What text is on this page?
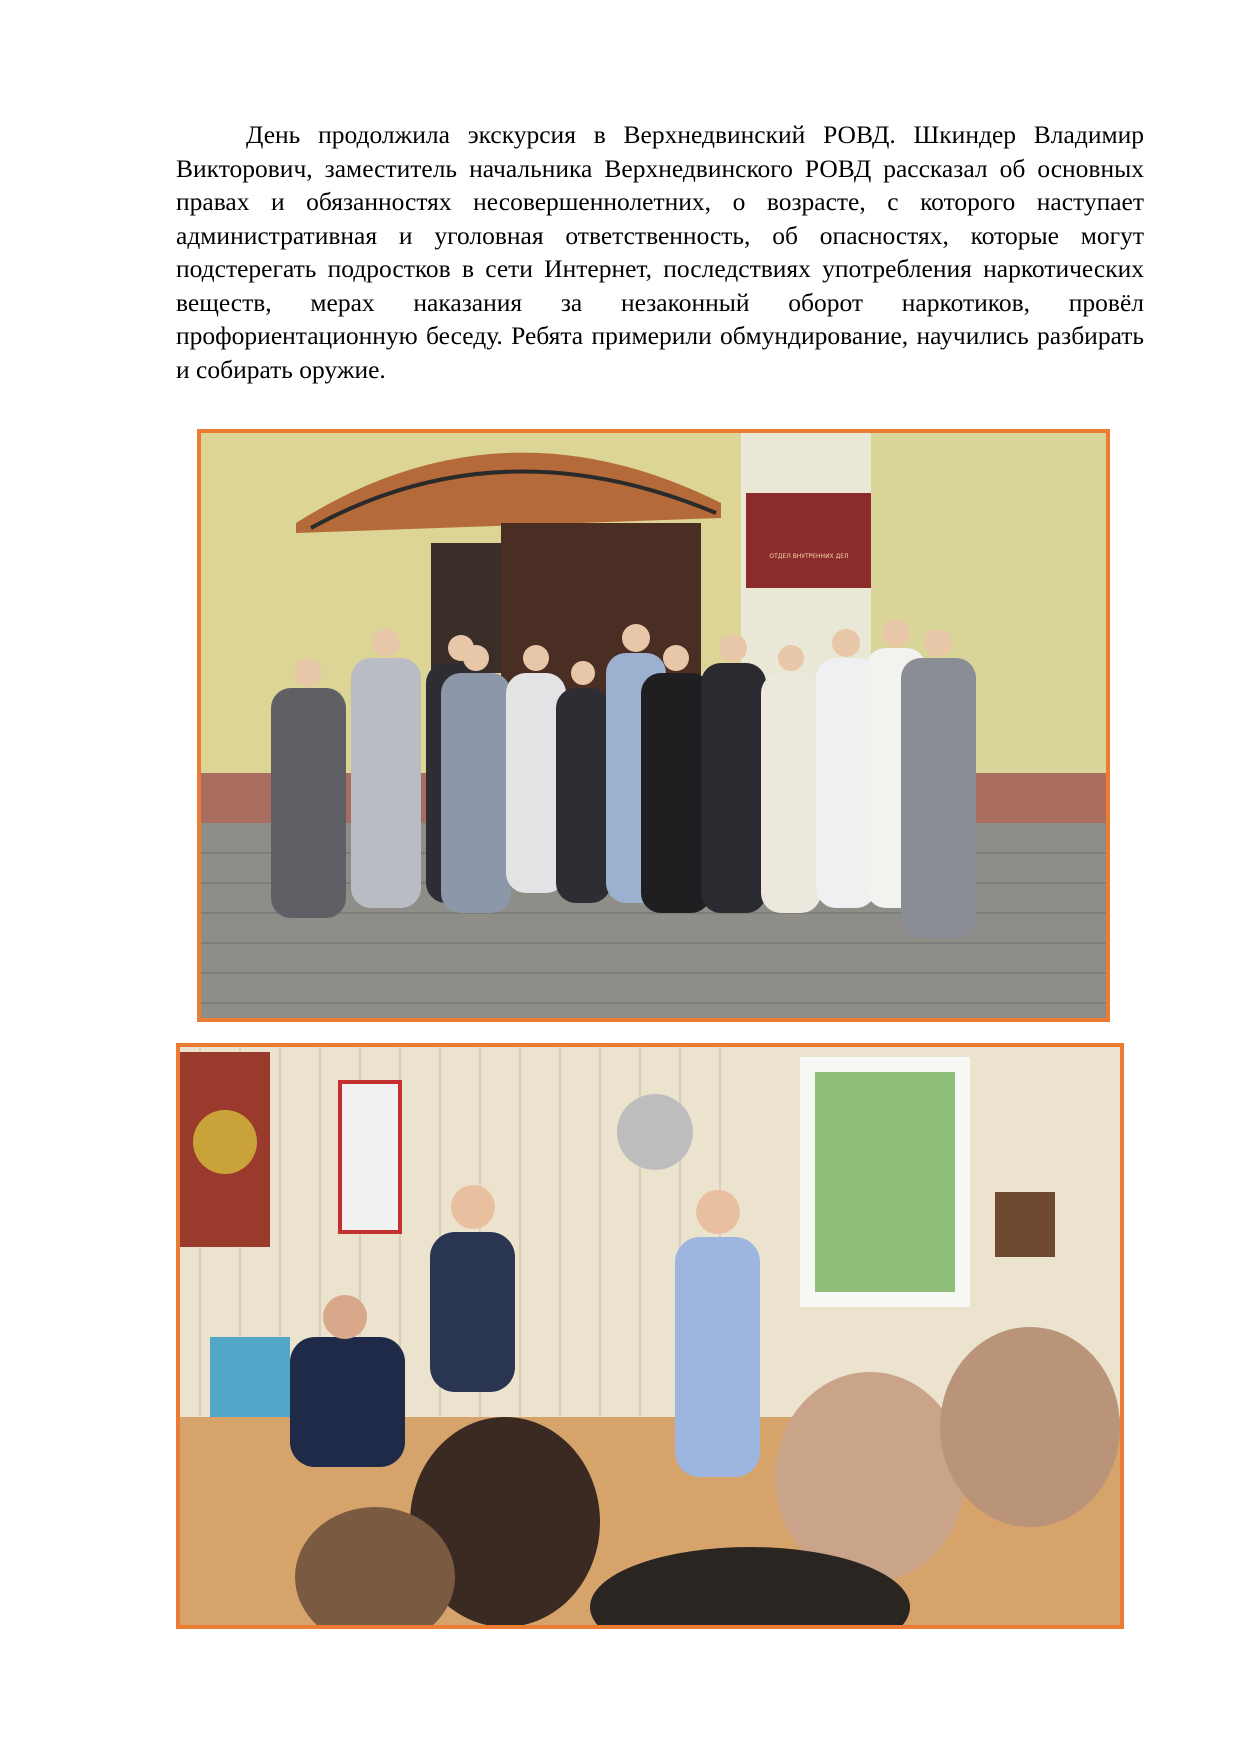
День продолжила экскурсия в Верхнедвинский РОВД. Шкиндер Владимир Викторович, заместитель начальника Верхнедвинского РОВД рассказал об основных правах и обязанностях несовершеннолетних, о возрасте, с которого наступает административная и уголовная ответственность, об опасностях, которые могут подстерегать подростков в сети Интернет, последствиях употребления наркотических веществ, мерах наказания за незаконный оборот наркотиков, провёл профориентационную беседу. Ребята примерили обмундирование, научились разбирать и собирать оружие.

ОТДЕЛ ВНУТРЕННИХ ДЕЛ
